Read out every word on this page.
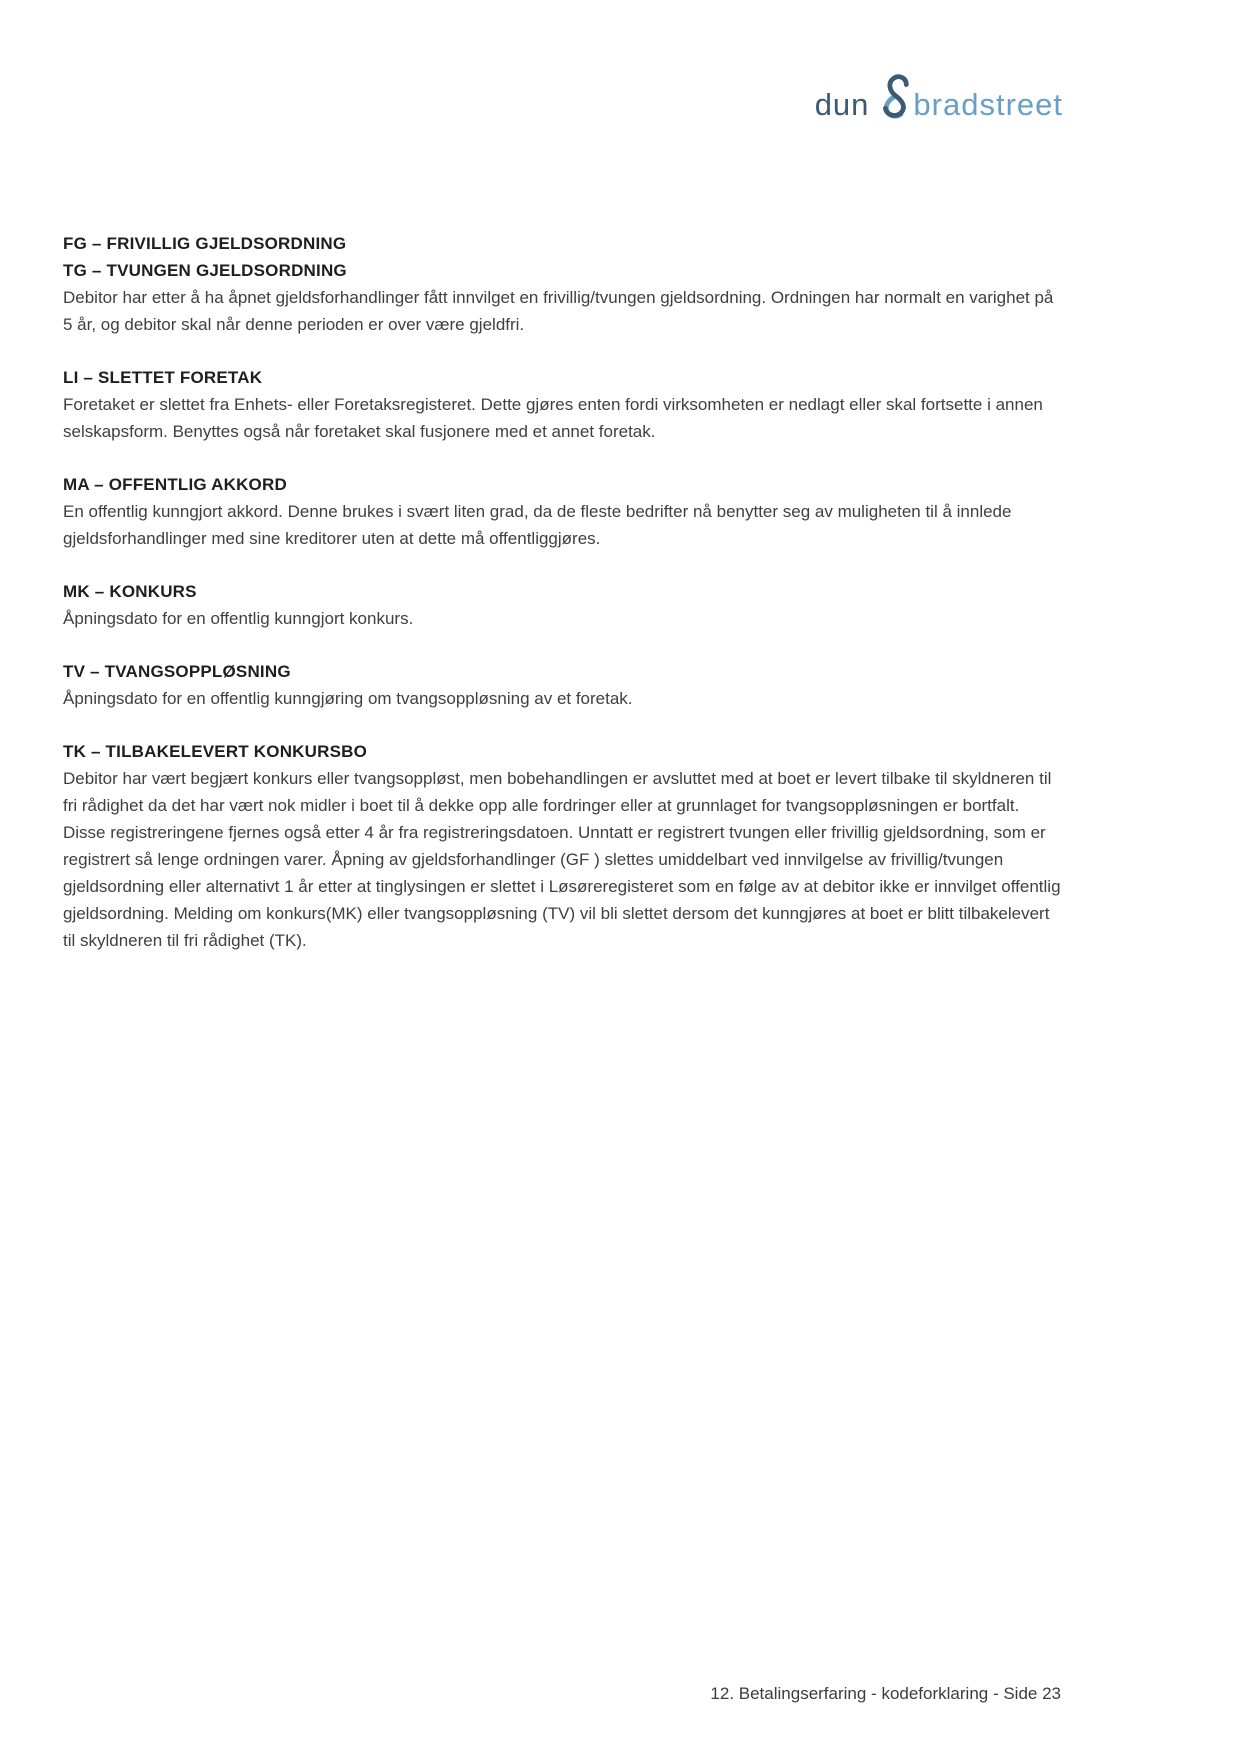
dun bradstreet
FG – FRIVILLIG GJELDSORDNING
TG – TVUNGEN GJELDSORDNING

Debitor har etter å ha åpnet gjeldsforhandlinger fått innvilget en frivillig/tvungen gjeldsordning. Ordningen har normalt en varighet på 5 år, og debitor skal når denne perioden er over være gjeldfri.

LI – SLETTET FORETAK

Foretaket er slettet fra Enhets- eller Foretaksregisteret. Dette gjøres enten fordi virksomheten er nedlagt eller skal fortsette i annen selskapsform. Benyttes også når foretaket skal fusjonere med et annet foretak.

MA – OFFENTLIG AKKORD

En offentlig kunngjort akkord. Denne brukes i svært liten grad, da de fleste bedrifter nå benytter seg av muligheten til å innlede gjeldsforhandlinger med sine kreditorer uten at dette må offentliggjøres.

MK – KONKURS

Åpningsdato for en offentlig kunngjort konkurs.

TV – TVANGSOPPLØSNING

Åpningsdato for en offentlig kunngjøring om tvangsoppløsning av et foretak.

TK – TILBAKELEVERT KONKURSBO

Debitor har vært begjært konkurs eller tvangsoppløst, men bobehandlingen er avsluttet med at boet er levert tilbake til skyldneren til fri rådighet da det har vært nok midler i boet til å dekke opp alle fordringer eller at grunnlaget for tvangsoppløsningen er bortfalt. Disse registreringene fjernes også etter 4 år fra registreringsdatoen. Unntatt er registrert tvungen eller frivillig gjeldsordning, som er registrert så lenge ordningen varer. Åpning av gjeldsforhandlinger (GF ) slettes umiddelbart ved innvilgelse av frivillig/tvungen gjeldsordning eller alternativt 1 år etter at tinglysingen er slettet i Løsøreregisteret som en følge av at debitor ikke er innvilget offentlig gjeldsordning. Melding om konkurs(MK) eller tvangsoppløsning (TV) vil bli slettet dersom det kunngjøres at boet er blitt tilbakelevert til skyldneren til fri rådighet (TK).

12. Betalingserfaring - kodeforklaring - Side 23
